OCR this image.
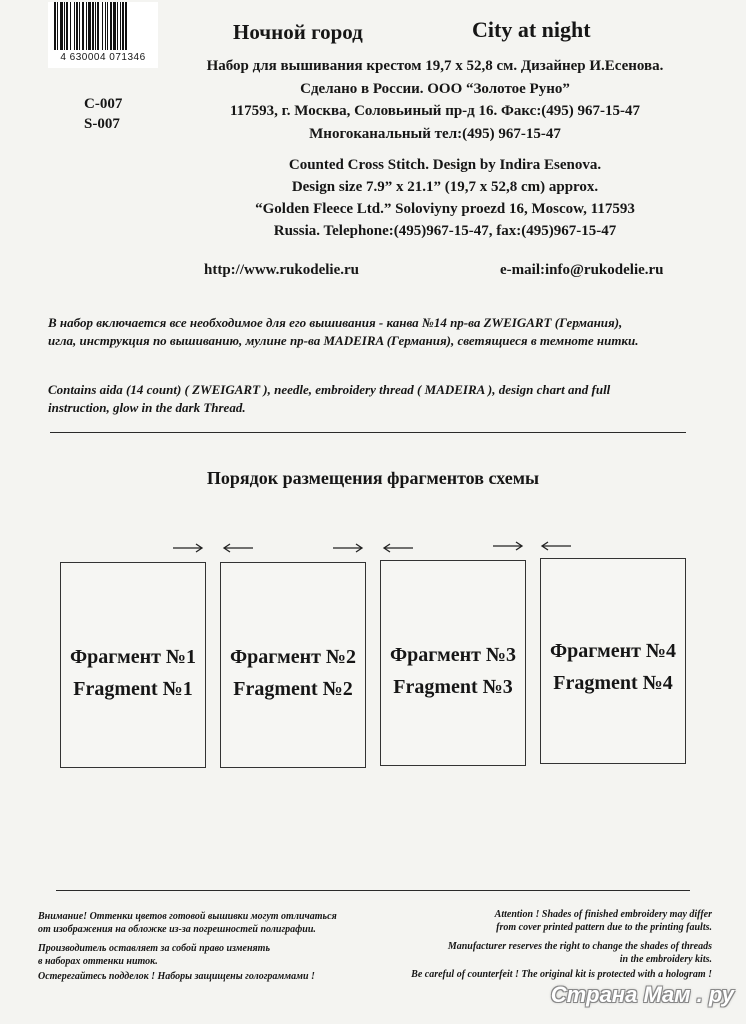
4 630004 071346
C-007
S-007
Ночной город	City at night
Набор для вышивания крестом 19,7 x 52,8 см. Дизайнер И.Есенова.
Сделано в России. ООО “Золотое Руно”
117593, г. Москва, Соловьиный пр-д 16. Факс:(495) 967-15-47
Многоканальный тел:(495) 967-15-47
Counted Cross Stitch. Design by Indira Esenova.
Design size 7.9” x 21.1” (19,7 x 52,8 cm) approx.
“Golden Fleece Ltd.” Soloviyny proezd 16, Moscow, 117593
Russia. Telephone:(495)967-15-47, fax:(495)967-15-47
http://www.rukodelie.ru	e-mail:info@rukodelie.ru
В набор включается все необходимое для его вышивания - канва №14 пр-ва ZWEIGART (Германия),
игла, инструкция по вышиванию, мулине пр-ва MADEIRA (Германия), светящиеся в темноте нитки.
Contains aida (14 count) ( ZWEIGART ), needle, embroidery thread ( MADEIRA ), design chart and full
instruction, glow in the dark Thread.
Порядок размещения фрагментов схемы
Фрагмент №1
Fragment №1
Фрагмент №2
Fragment №2
Фрагмент №3
Fragment №3
Фрагмент №4
Fragment №4
Внимание! Оттенки цветов готовой вышивки могут отличаться
от изображения на обложке из-за погрешностей полиграфии.
Производитель оставляет за собой право изменять
в наборах оттенки ниток.
Остерегайтесь подделок ! Наборы защищены голограммами !
Attention ! Shades of finished embroidery may differ
from cover printed pattern due to the printing faults.
Manufacturer reserves the right to change the shades of threads
in the embroidery kits.
Be careful of counterfeit ! The original kit is protected with a hologram !
Страна Мам . ру
